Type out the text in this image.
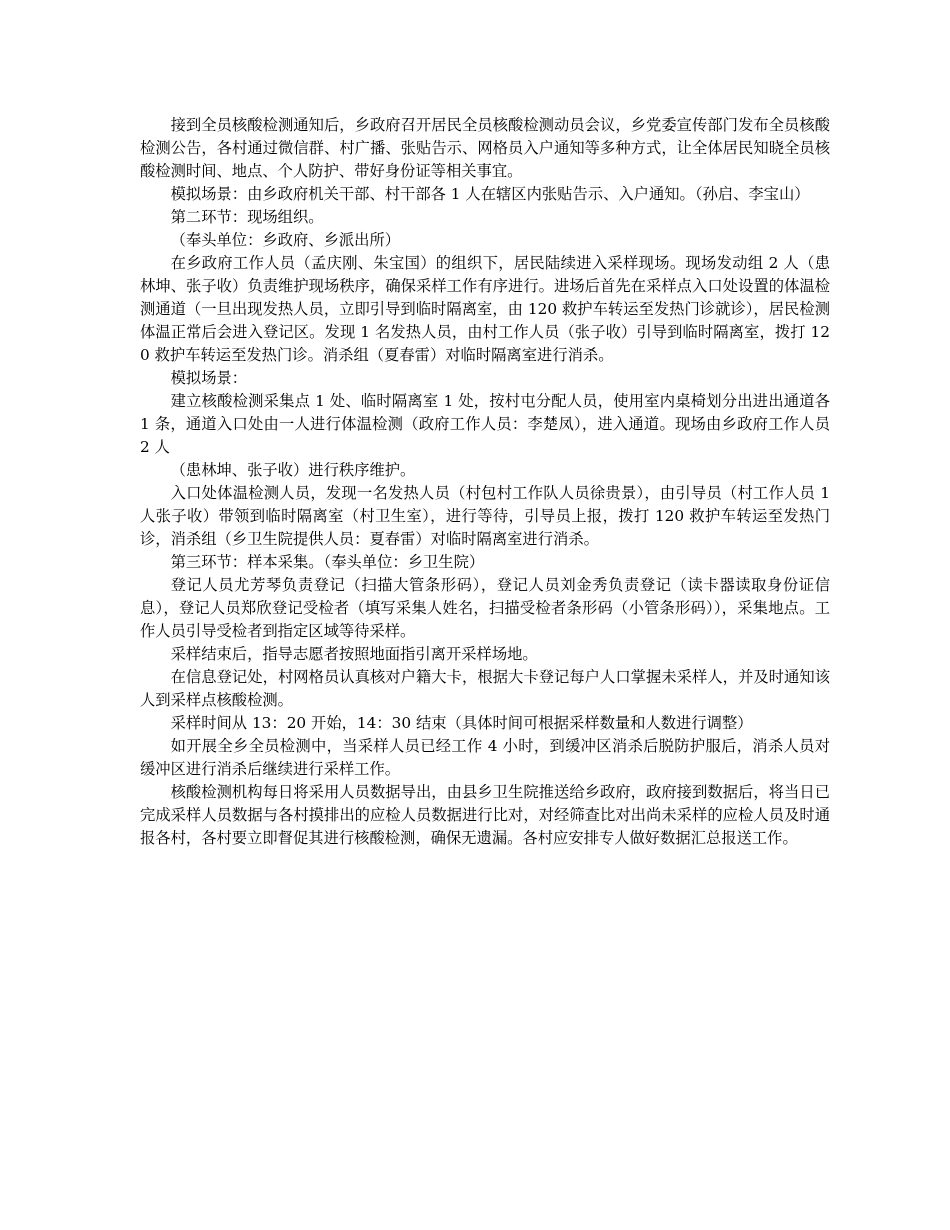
接到全员核酸检测通知后，乡政府召开居民全员核酸检测动员会议，乡党委宣传部门发布全员核酸检测公告，各村通过微信群、村广播、张贴告示、网格员入户通知等多种方式，让全体居民知晓全员核酸检测时间、地点、个人防护、带好身份证等相关事宜。

模拟场景：由乡政府机关干部、村干部各 1 人在辖区内张贴告示、入户通知。（孙启、李宝山）

第二环节：现场组织。

（奉头单位：乡政府、乡派出所）

在乡政府工作人员（孟庆刚、朱宝国）的组织下，居民陆续进入采样现场。现场发动组 2 人（患林坤、张子收）负责维护现场秩序，确保采样工作有序进行。进场后首先在采样点入口处设置的体温检测通道（一旦出现发热人员，立即引导到临时隔离室，由 120 救护车转运至发热门诊就诊），居民检测体温正常后会进入登记区。发现 1 名发热人员，由村工作人员（张子收）引导到临时隔离室，拨打 120 救护车转运至发热门诊。消杀组（夏春雷）对临时隔离室进行消杀。

模拟场景：

建立核酸检测采集点 1 处、临时隔离室 1 处，按村屯分配人员，使用室内桌椅划分出进出通道各 1 条，通道入口处由一人进行体温检测（政府工作人员：李楚凤），进入通道。现场由乡政府工作人员 2 人

（患林坤、张子收）进行秩序维护。

入口处体温检测人员，发现一名发热人员（村包村工作队人员徐贵景），由引导员（村工作人员 1 人张子收）带领到临时隔离室（村卫生室），进行等待，引导员上报，拨打 120 救护车转运至发热门诊，消杀组（乡卫生院提供人员：夏春雷）对临时隔离室进行消杀。

第三环节：样本采集。（奉头单位：乡卫生院）

登记人员尤芳琴负责登记（扫描大管条形码），登记人员刘金秀负责登记（读卡器读取身份证信息），登记人员郑欣登记受检者（填写采集人姓名，扫描受检者条形码（小管条形码）），采集地点。工作人员引导受检者到指定区域等待采样。

采样结束后，指导志愿者按照地面指引离开采样场地。

在信息登记处，村网格员认真核对户籍大卡，根据大卡登记每户人口掌握未采样人，并及时通知该人到采样点核酸检测。

采样时间从 13：20 开始，14：30 结束（具体时间可根据采样数量和人数进行调整）

如开展全乡全员检测中，当采样人员已经工作 4 小时，到缓冲区消杀后脱防护服后，消杀人员对缓冲区进行消杀后继续进行采样工作。

核酸检测机构每日将采用人员数据导出，由县乡卫生院推送给乡政府，政府接到数据后，将当日已完成采样人员数据与各村摸排出的应检人员数据进行比对，对经筛查比对出尚未采样的应检人员及时通报各村，各村要立即督促其进行核酸检测，确保无遗漏。各村应安排专人做好数据汇总报送工作。
